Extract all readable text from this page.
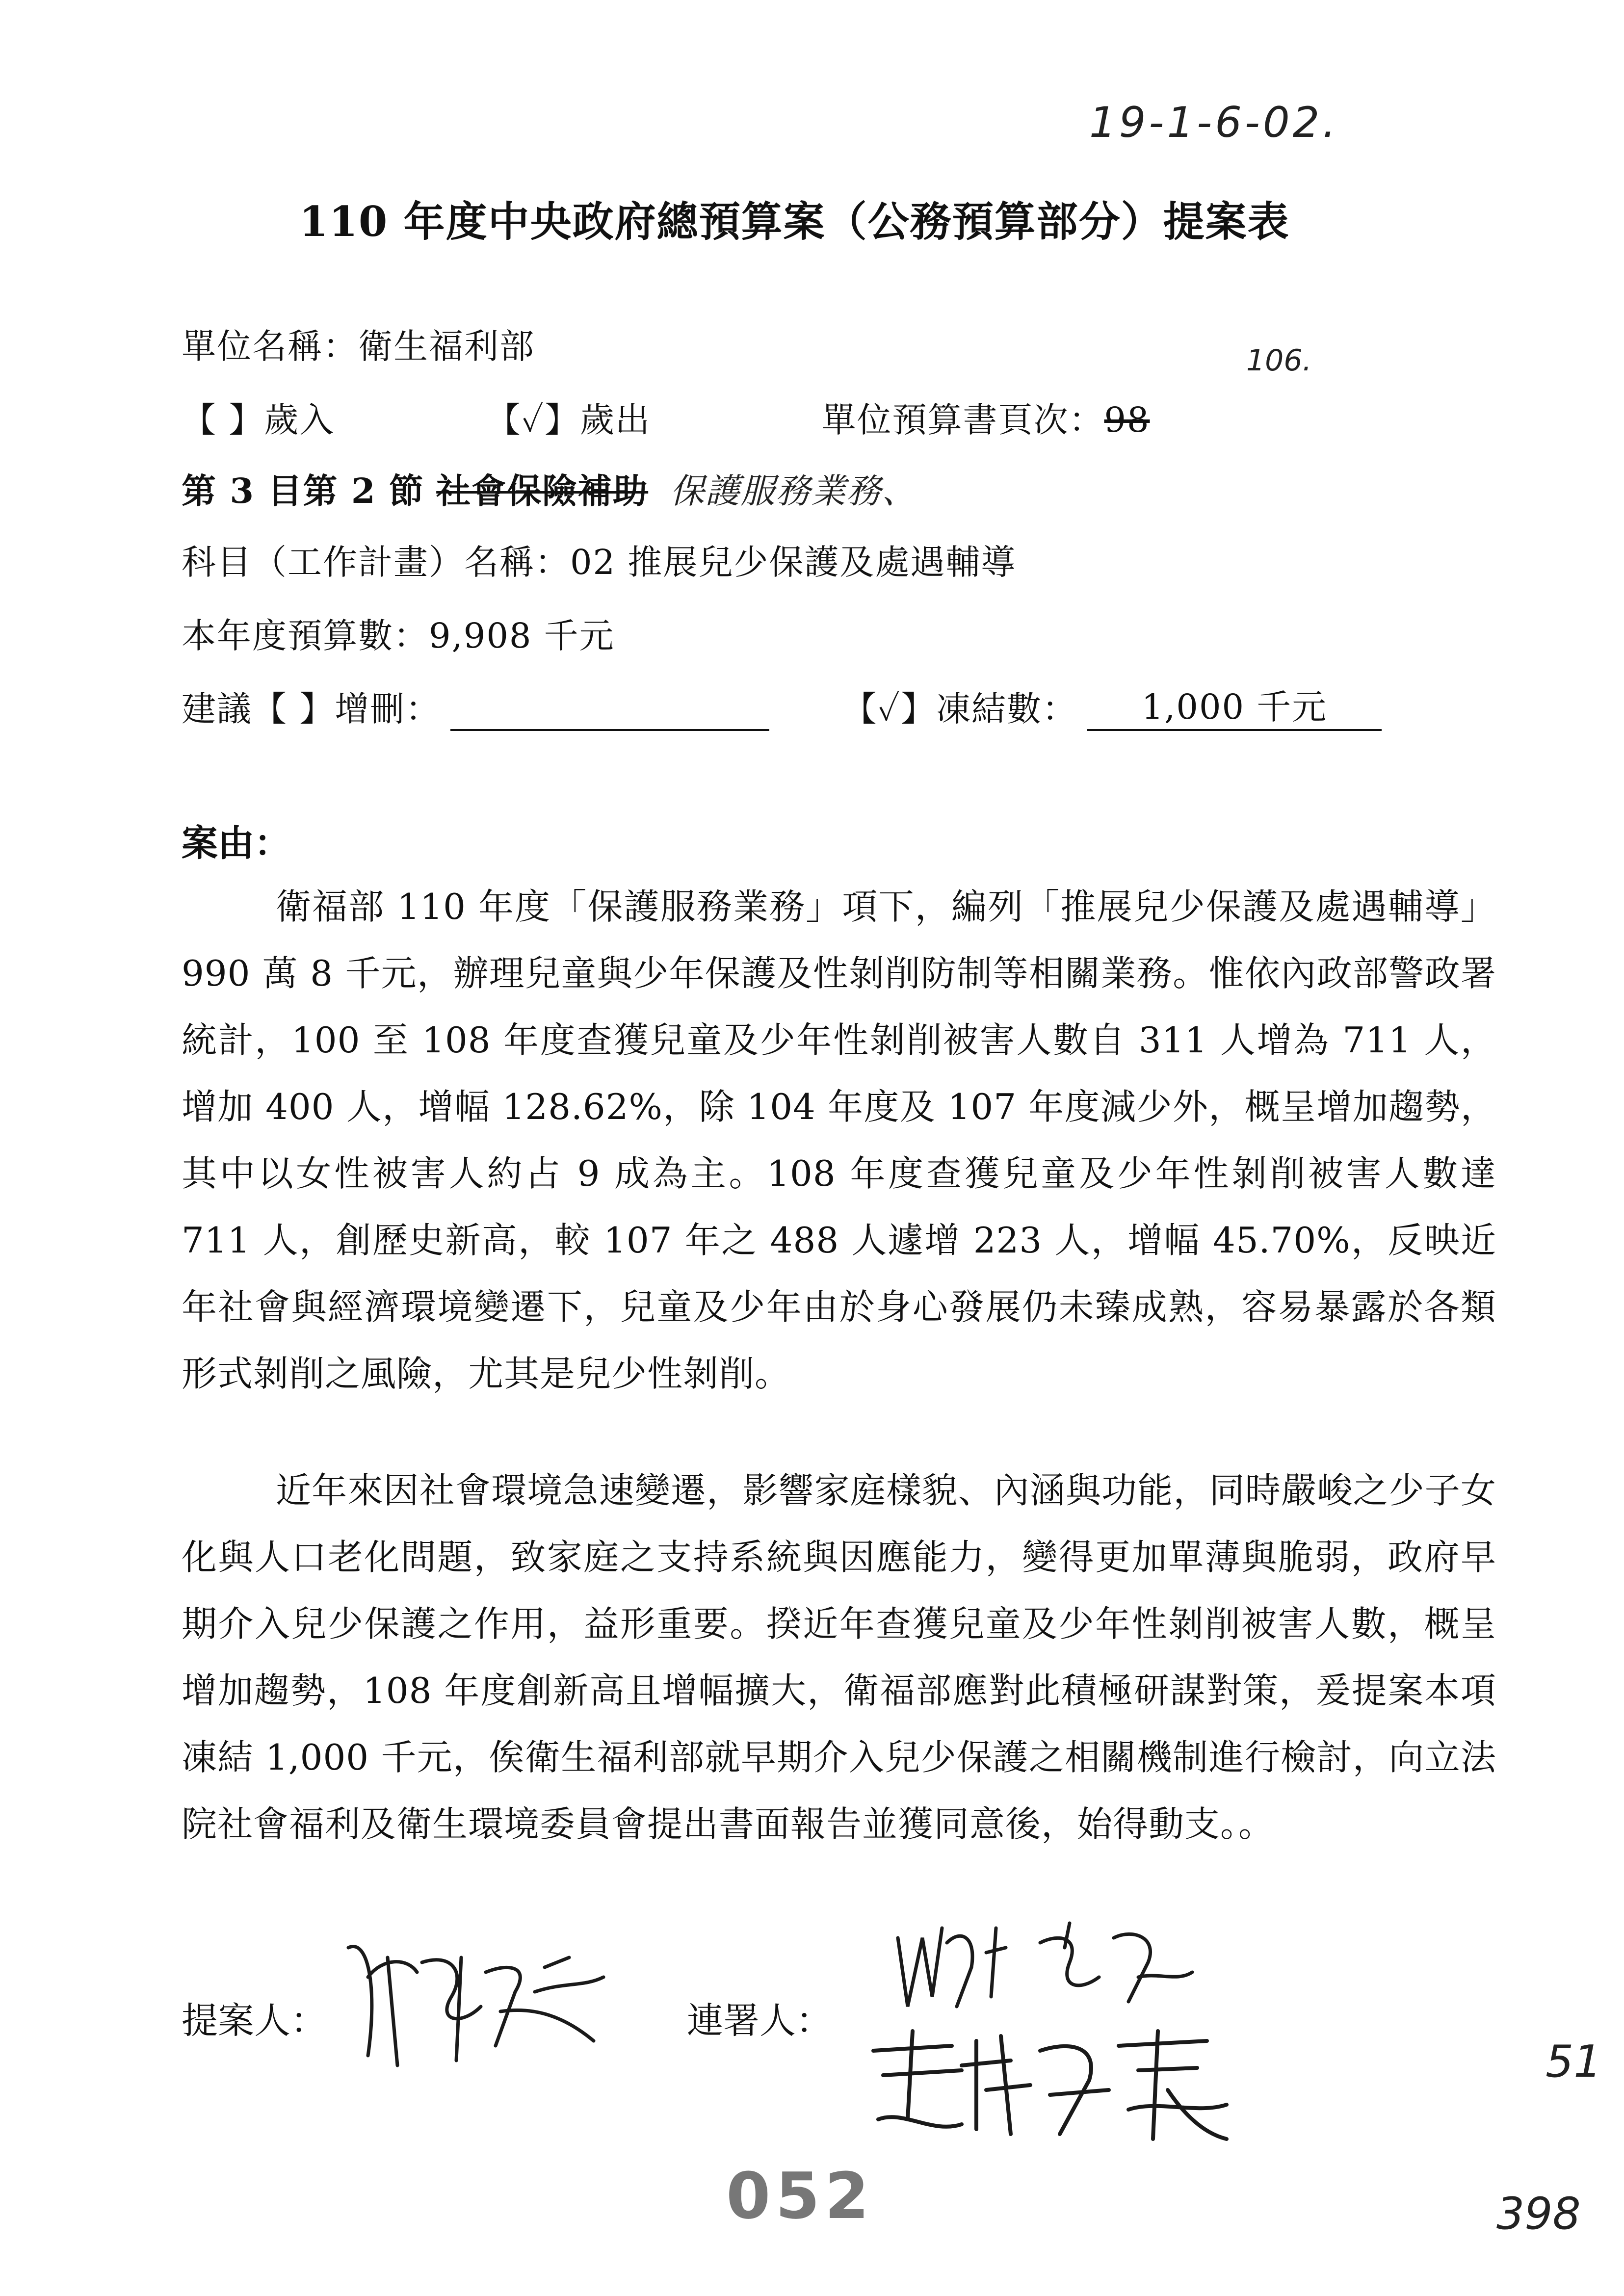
19-1-6-02.
110 年度中央政府總預算案（公務預算部分）提案表
單位名稱：衛生福利部	106.
【 】歲入	【✓】歲出	單位預算書頁次：98
第 3 目第 2 節 社會保險補助 保護服務業務、
科目（工作計畫）名稱：02 推展兒少保護及處遇輔導
本年度預算數：9,908 千元
建議【 】增刪：	【✓】凍結數： 1,000 千元
案由：

衛福部 110 年度「保護服務業務」項下，編列「推展兒少保護及處遇輔導」990 萬 8 千元，辦理兒童與少年保護及性剝削防制等相關業務。惟依內政部警政署統計，100 至 108 年度查獲兒童及少年性剝削被害人數自 311 人增為 711 人，增加 400 人，增幅 128.62%，除 104 年度及 107 年度減少外，概呈增加趨勢，其中以女性被害人約占 9 成為主。108 年度查獲兒童及少年性剝削被害人數達 711 人，創歷史新高，較 107 年之 488 人遽增 223 人，增幅 45.70%，反映近年社會與經濟環境變遷下，兒童及少年由於身心發展仍未臻成熟，容易暴露於各類形式剝削之風險，尤其是兒少性剝削。

近年來因社會環境急速變遷，影響家庭樣貌、內涵與功能，同時嚴峻之少子女化與人口老化問題，致家庭之支持系統與因應能力，變得更加單薄與脆弱，政府早期介入兒少保護之作用，益形重要。揆近年查獲兒童及少年性剝削被害人數，概呈增加趨勢，108 年度創新高且增幅擴大，衛福部應對此積極研謀對策，爰提案本項凍結 1,000 千元，俟衛生福利部就早期介入兒少保護之相關機制進行檢討，向立法院社會福利及衛生環境委員會提出書面報告並獲同意後，始得動支。。

提案人：	連署人：
052
51
398
